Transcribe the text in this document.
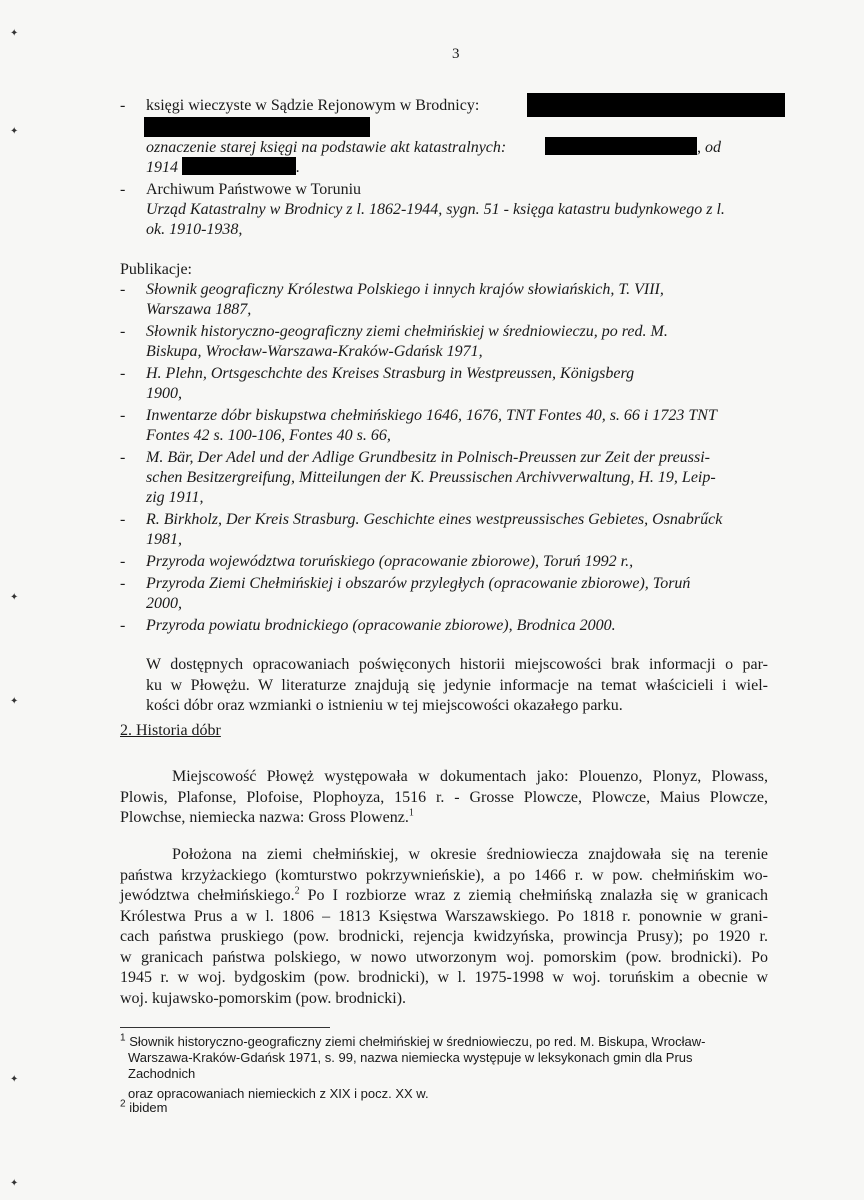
3
- księgi wieczyste w Sądzie Rejonowym w Brodnicy:
oznaczenie starej księgi na podstawie akt katastralnych:	, od
1914	.
- Archiwum Państwowe w Toruniu
Urząd Katastralny w Brodnicy z l. 1862-1944, sygn. 51 - księga katastru budynkowego z l.
ok. 1910-1938,
Publikacje:
- Słownik geograficzny Królestwa Polskiego i innych krajów słowiańskich, T. VIII,
Warszawa 1887,
- Słownik historyczno-geograficzny ziemi chełmińskiej w średniowieczu, po red. M.
Biskupa, Wrocław-Warszawa-Kraków-Gdańsk 1971,
- H. Plehn, Ortsgeschchte des Kreises Strasburg in Westpreussen, Königsberg
1900,
- Inwentarze dóbr biskupstwa chełmińskiego 1646, 1676, TNT Fontes 40, s. 66 i 1723 TNT
Fontes 42 s. 100-106, Fontes 40 s. 66,
- M. Bär, Der Adel und der Adlige Grundbesitz in Polnisch-Preussen zur Zeit der preussi-
schen Besitzergreifung, Mitteilungen der K. Preussischen Archivverwaltung, H. 19, Leip-
zig 1911,
- R. Birkholz, Der Kreis Strasburg. Geschichte eines westpreussisches Gebietes, Osnabrűck
1981,
- Przyroda województwa toruńskiego (opracowanie zbiorowe), Toruń 1992 r.,
- Przyroda Ziemi Chełmińskiej i obszarów przyległych (opracowanie zbiorowe), Toruń
2000,
- Przyroda powiatu brodnickiego (opracowanie zbiorowe), Brodnica 2000.
W dostępnych opracowaniach poświęconych historii miejscowości brak informacji o par-
ku w Płowężu. W literaturze znajdują się jedynie informacje na temat właścicieli i wiel-
kości dóbr oraz wzmianki o istnieniu w tej miejscowości okazałego parku.
2. Historia dóbr
Miejscowość Płowęż występowała w dokumentach jako: Plouenzo, Plonyz, Plowass,
Plowis, Plafonse, Plofoise, Plophoyza, 1516 r. - Grosse Plowcze, Plowcze, Maius Plowcze,
Plowchse, niemiecka nazwa: Gross Plowenz.$^1$
Położona na ziemi chełmińskiej, w okresie średniowiecza znajdowała się na terenie
państwa krzyżackiego (komturstwo pokrzywnieńskie), a po 1466 r. w pow. chełmińskim wo-
jewództwa chełmińskiego.$^2$ Po I rozbiorze wraz z ziemią chełmińską znalazła się w granicach
Królestwa Prus a w l. 1806 – 1813 Księstwa Warszawskiego. Po 1818 r. ponownie w grani-
cach państwa pruskiego (pow. brodnicki, rejencja kwidzyńska, prowincja Prusy); po 1920 r.
w granicach państwa polskiego, w nowo utworzonym woj. pomorskim (pow. brodnicki). Po
1945 r. w woj. bydgoskim (pow. brodnicki), w l. 1975-1998 w woj. toruńskim a obecnie w
woj. kujawsko-pomorskim (pow. brodnicki).
$^1$ Słownik historyczno-geograficzny ziemi chełmińskiej w średniowieczu, po red. M. Biskupa, Wrocław-
Warszawa-Kraków-Gdańsk 1971, s. 99, nazwa niemiecka występuje w leksykonach gmin dla Prus
Zachodnich
oraz opracowaniach niemieckich z XIX i pocz. XX w.
$^2$ ibidem
✦
✦
✦
✦
✦
✦
